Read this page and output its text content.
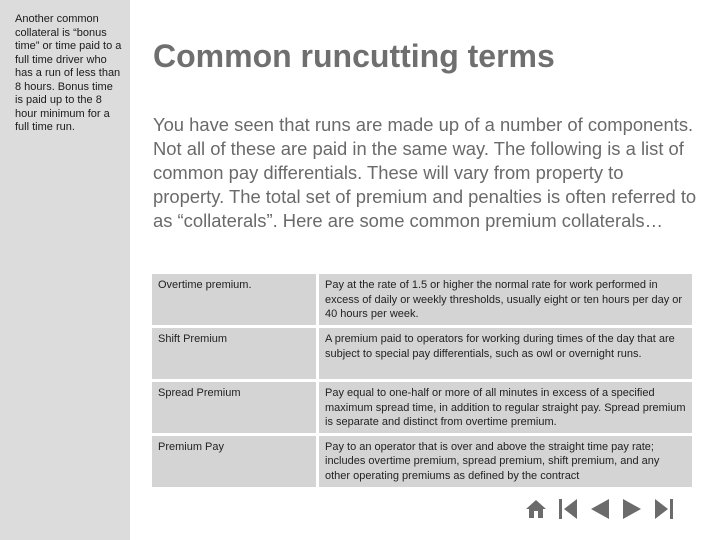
Another common collateral is “bonus time” or time paid to a full time driver who has a run of less than 8 hours. Bonus time is paid up to the 8 hour minimum for a full time run.
Common runcutting terms

You have seen that runs are made up of a number of components. Not all of these are paid in the same way. The following is a list of common pay differentials. These will vary from property to property. The total set of premium and penalties is often referred to as “collaterals”. Here are some common premium collaterals…

Overtime premium.	Pay at the rate of 1.5 or higher the normal rate for work performed in excess of daily or weekly thresholds, usually eight or ten hours per day or 40 hours per week.
Shift Premium	A premium paid to operators for working during times of the day that are subject to special pay differentials, such as owl or overnight runs.
Spread Premium	Pay equal to one-half or more of all minutes in excess of a specified maximum spread time, in addition to regular straight pay. Spread premium is separate and distinct from overtime premium.
Premium Pay	Pay to an operator that is over and above the straight time pay rate; includes overtime premium, spread premium, shift premium, and any other operating premiums as defined by the contract
